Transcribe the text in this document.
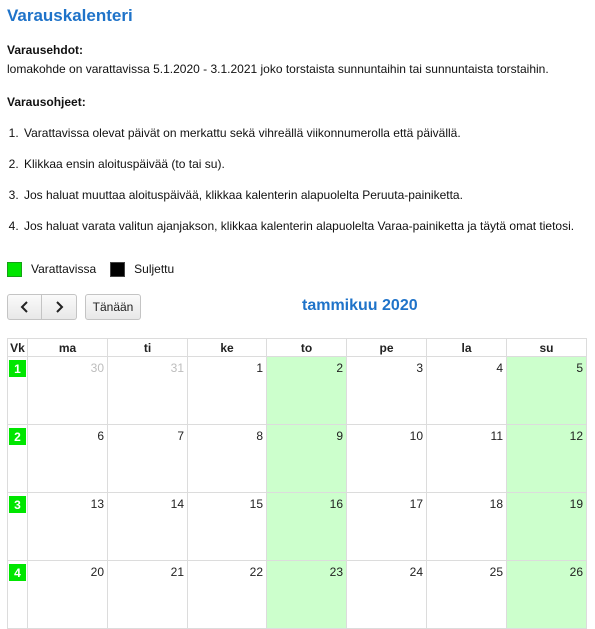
Varauskalenteri
Varausehdot:
lomakohde on varattavissa 5.1.2020 - 3.1.2021 joko torstaista sunnuntaihin tai sunnuntaista torstaihin.
Varausohjeet:
1. Varattavissa olevat päivät on merkattu sekä vihreällä viikonnumerolla että päivällä.
2. Klikkaa ensin aloituspäivää (to tai su).
3. Jos haluat muuttaa aloituspäivää, klikkaa kalenterin alapuolelta Peruuta-painiketta.
4. Jos haluat varata valitun ajanjakson, klikkaa kalenterin alapuolelta Varaa-painiketta ja täytä omat tietosi.
Varattavissa	Suljettu
Tänään	tammikuu 2020
Vk	ma	ti	ke	to	pe	la	su

1	30	31	1	2	3	4	5

2	6	7	8	9	10	11	12

3	13	14	15	16	17	18	19

4	20	21	22	23	24	25	26
